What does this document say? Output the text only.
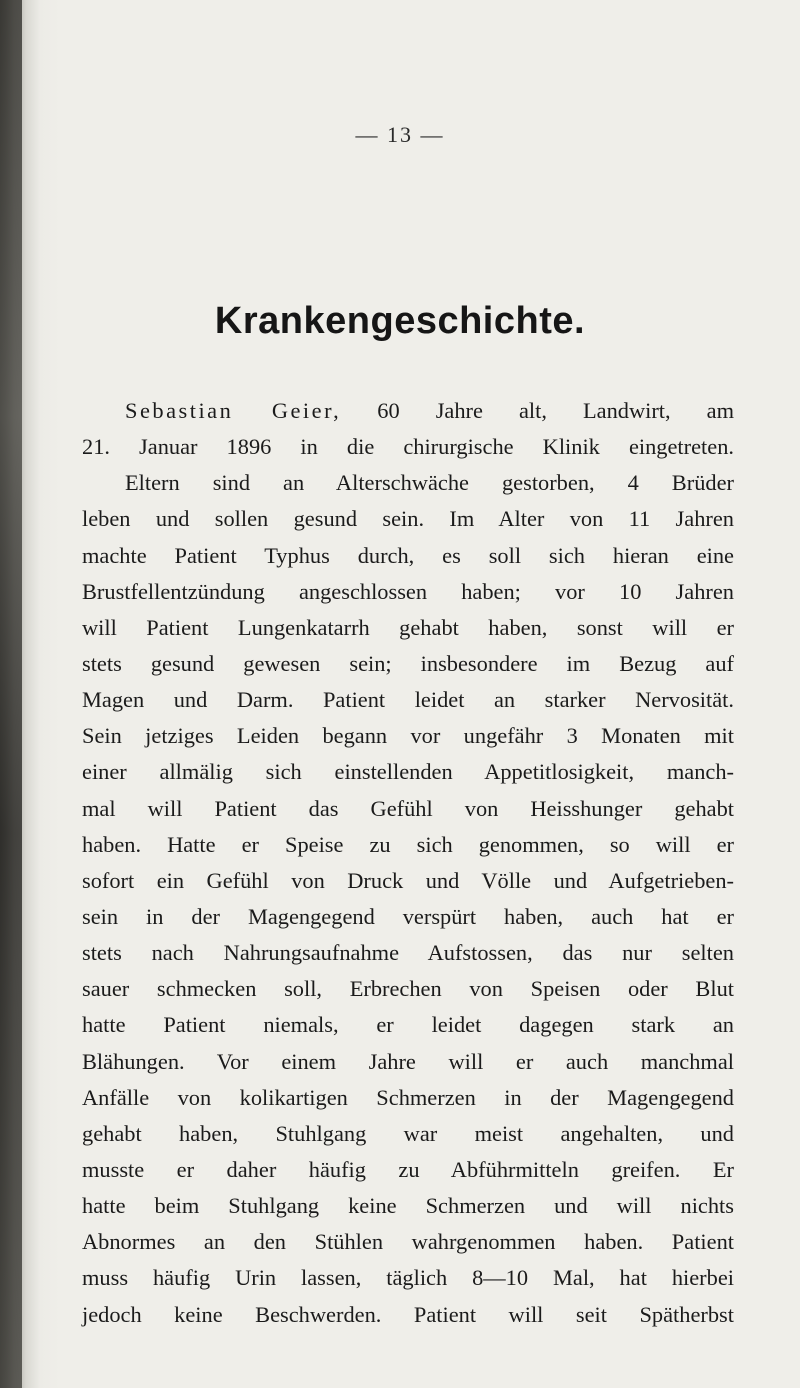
— 13 —
Krankengeschichte.
Sebastian Geier, 60 Jahre alt, Landwirt, am
21. Januar 1896 in die chirurgische Klinik eingetreten.
Eltern sind an Alterschwäche gestorben, 4 Brüder
leben und sollen gesund sein. Im Alter von 11 Jahren
machte Patient Typhus durch, es soll sich hieran eine
Brustfellentzündung angeschlossen haben; vor 10 Jahren
will Patient Lungenkatarrh gehabt haben, sonst will er
stets gesund gewesen sein; insbesondere im Bezug auf
Magen und Darm. Patient leidet an starker Nervosität.
Sein jetziges Leiden begann vor ungefähr 3 Monaten mit
einer allmälig sich einstellenden Appetitlosigkeit, manch-
mal will Patient das Gefühl von Heisshunger gehabt
haben. Hatte er Speise zu sich genommen, so will er
sofort ein Gefühl von Druck und Völle und Aufgetrieben-
sein in der Magengegend verspürt haben, auch hat er
stets nach Nahrungsaufnahme Aufstossen, das nur selten
sauer schmecken soll, Erbrechen von Speisen oder Blut
hatte Patient niemals, er leidet dagegen stark an
Blähungen. Vor einem Jahre will er auch manchmal
Anfälle von kolikartigen Schmerzen in der Magengegend
gehabt haben, Stuhlgang war meist angehalten, und
musste er daher häufig zu Abführmitteln greifen. Er
hatte beim Stuhlgang keine Schmerzen und will nichts
Abnormes an den Stühlen wahrgenommen haben. Patient
muss häufig Urin lassen, täglich 8—10 Mal, hat hierbei
jedoch keine Beschwerden. Patient will seit Spätherbst
